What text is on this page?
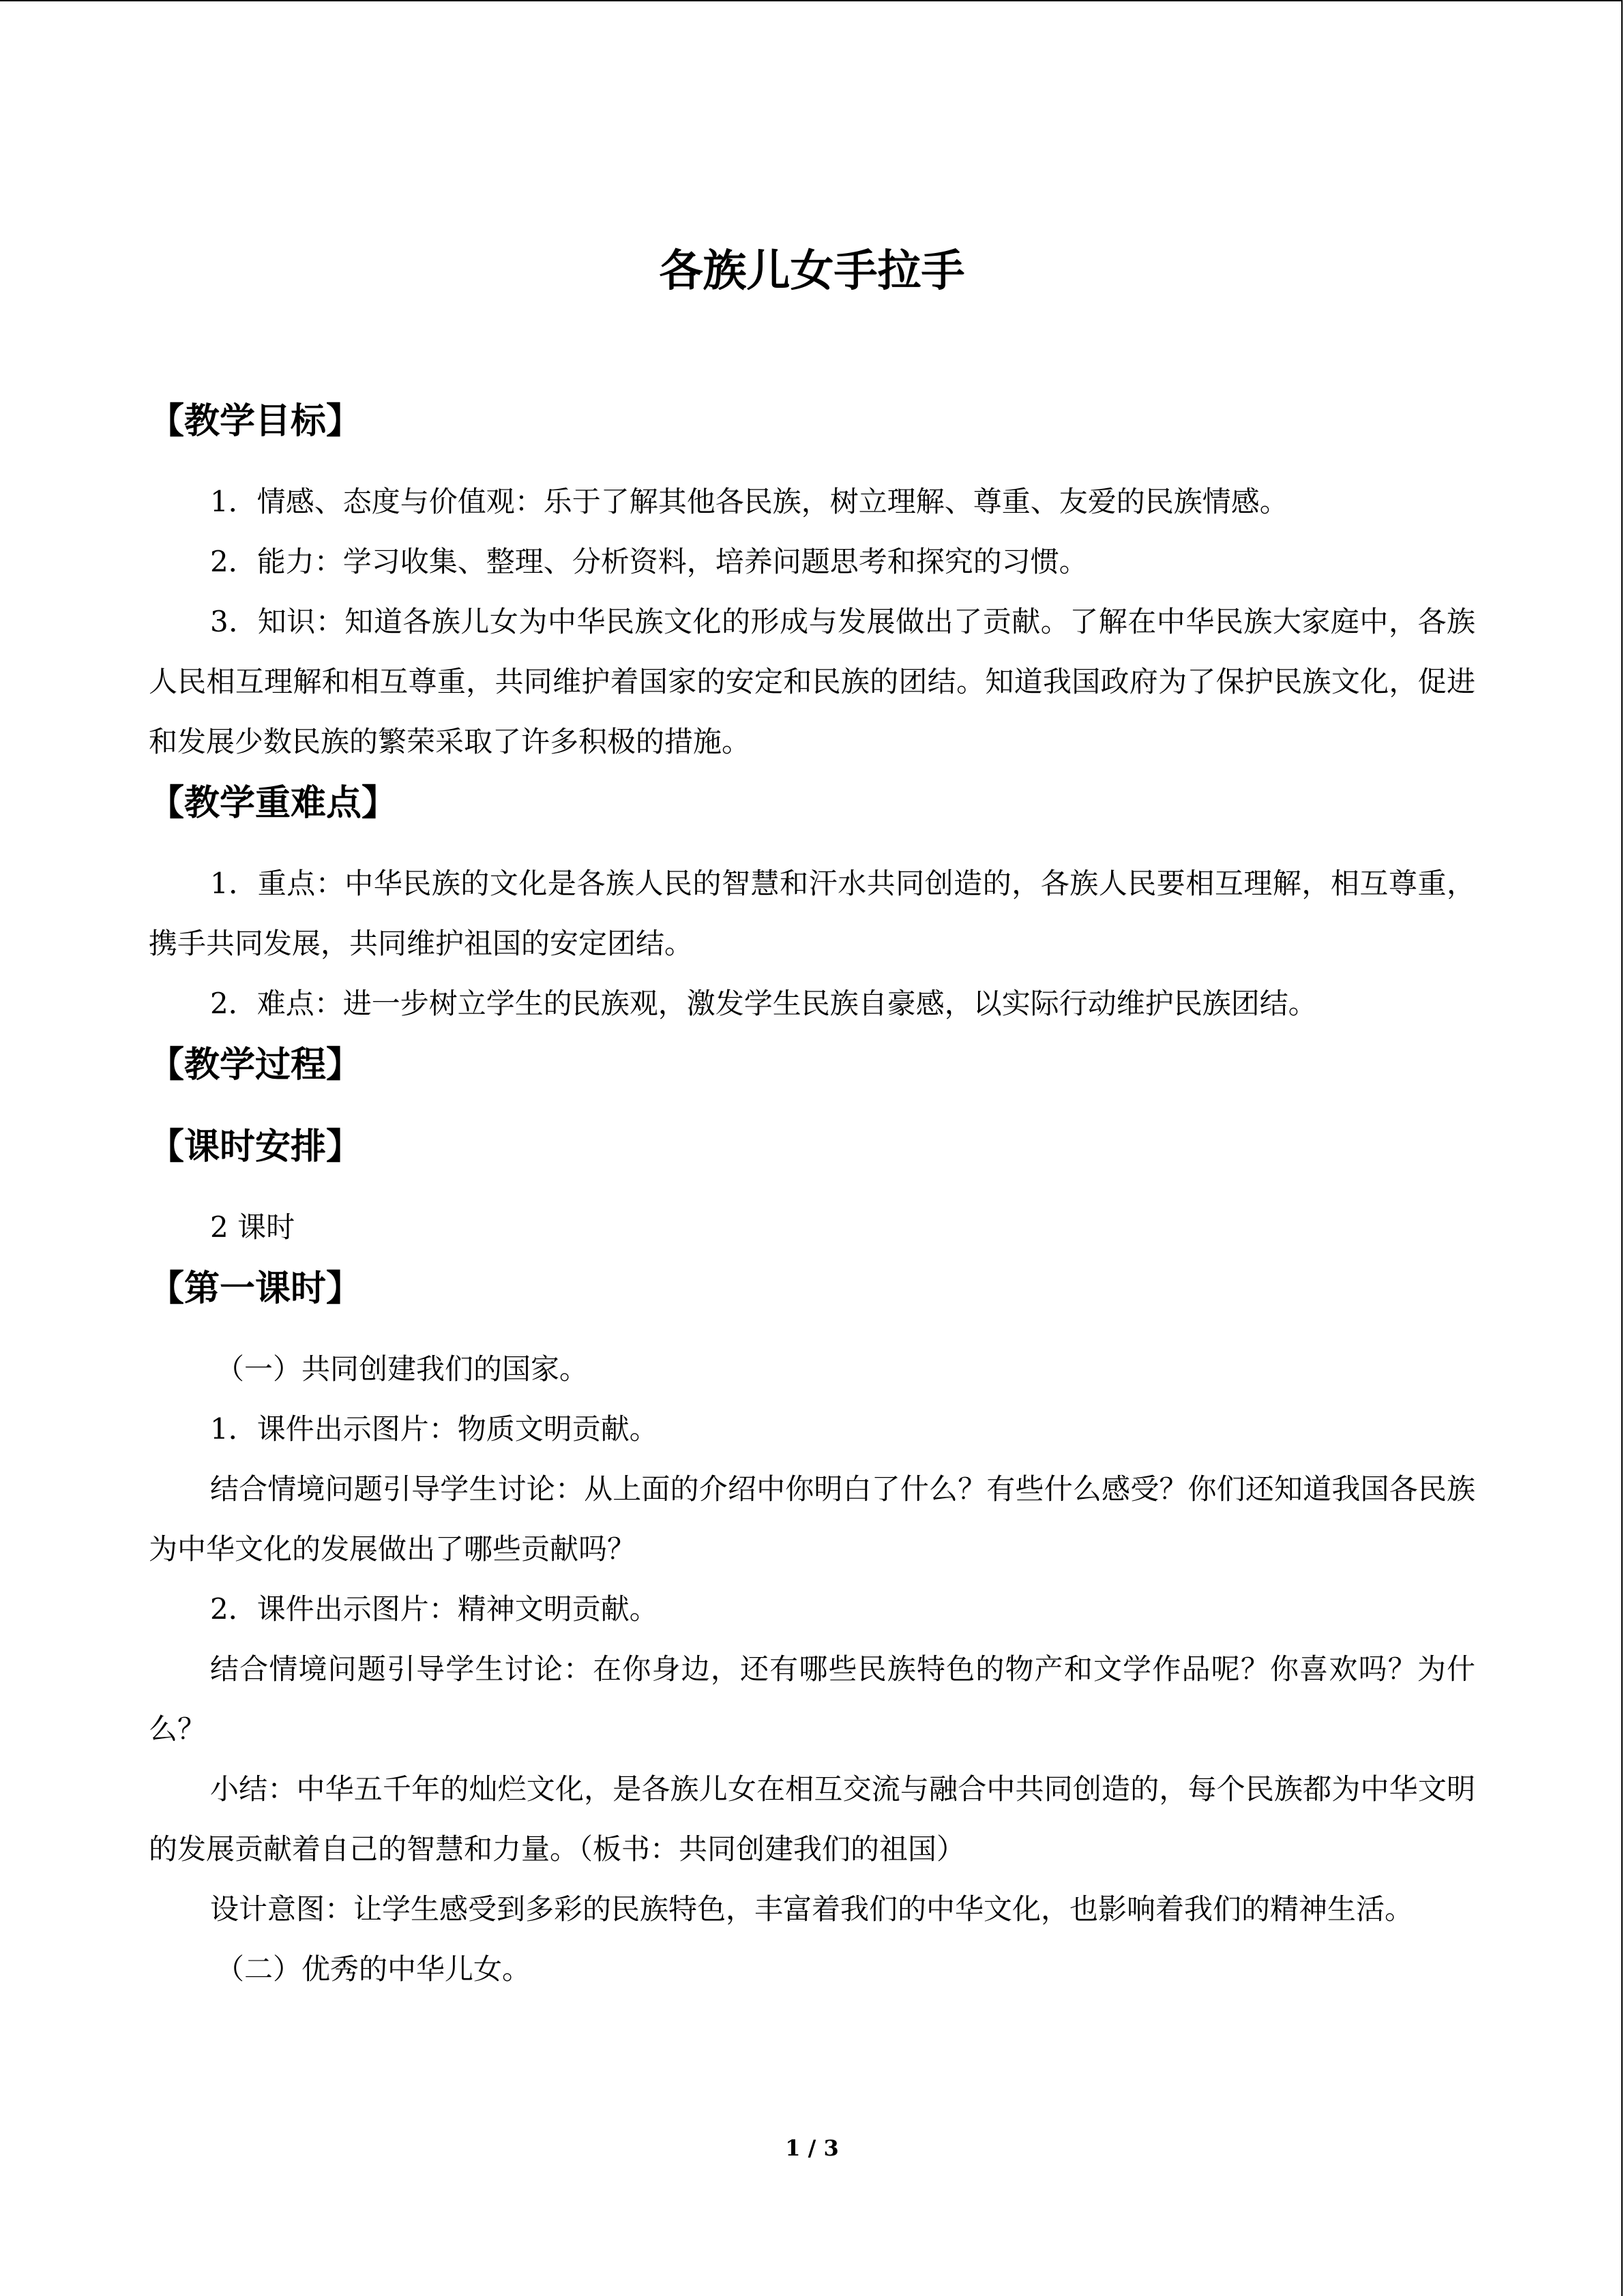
各族儿女手拉手
【教学目标】

1．情感、态度与价值观：乐于了解其他各民族，树立理解、尊重、友爱的民族情感。

2．能力：学习收集、整理、分析资料，培养问题思考和探究的习惯。

3．知识：知道各族儿女为中华民族文化的形成与发展做出了贡献。了解在中华民族大家庭中，各族人民相互理解和相互尊重，共同维护着国家的安定和民族的团结。知道我国政府为了保护民族文化，促进和发展少数民族的繁荣采取了许多积极的措施。

【教学重难点】

1．重点：中华民族的文化是各族人民的智慧和汗水共同创造的，各族人民要相互理解，相互尊重，携手共同发展，共同维护祖国的安定团结。

2．难点：进一步树立学生的民族观，激发学生民族自豪感，以实际行动维护民族团结。

【教学过程】
【课时安排】

2 课时

【第一课时】

（一）共同创建我们的国家。

1．课件出示图片：物质文明贡献。

结合情境问题引导学生讨论：从上面的介绍中你明白了什么？有些什么感受？你们还知道我国各民族为中华文化的发展做出了哪些贡献吗？

2．课件出示图片：精神文明贡献。

结合情境问题引导学生讨论：在你身边，还有哪些民族特色的物产和文学作品呢？你喜欢吗？为什么？

小结：中华五千年的灿烂文化，是各族儿女在相互交流与融合中共同创造的，每个民族都为中华文明的发展贡献着自己的智慧和力量。（板书：共同创建我们的祖国）

设计意图：让学生感受到多彩的民族特色，丰富着我们的中华文化，也影响着我们的精神生活。

（二）优秀的中华儿女。

1 / 3
